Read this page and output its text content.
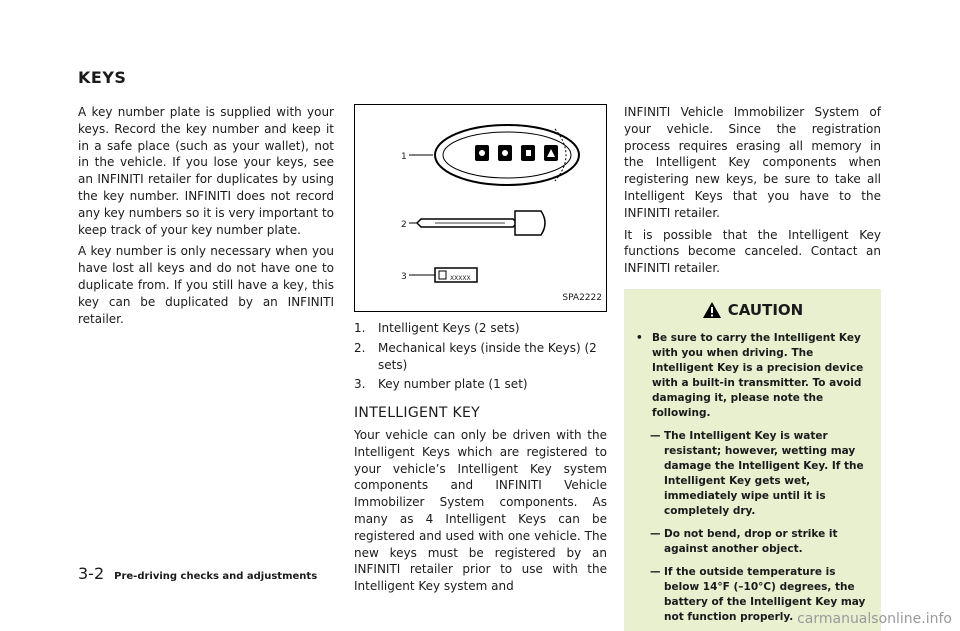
KEYS

A key number plate is supplied with your keys. Record the key number and keep it in a safe place (such as your wallet), not in the vehicle. If you lose your keys, see an INFINITI retailer for duplicates by using the key number. INFINITI does not record any key numbers so it is very important to keep track of your key number plate.

A key number is only necessary when you have lost all keys and do not have one to duplicate from. If you still have a key, this key can be duplicated by an INFINITI retailer.

1
2
3	XXXXX
SPA2222
1.	Intelligent Keys (2 sets)
2.	Mechanical keys (inside the Keys) (2 sets)
3.	Key number plate (1 set)
INTELLIGENT KEY

Your vehicle can only be driven with the Intelligent Keys which are registered to your vehicle’s Intelligent Key system components and INFINITI Vehicle Immobilizer System components. As many as 4 Intelligent Keys can be registered and used with one vehicle. The new keys must be registered by an INFINITI retailer prior to use with the Intelligent Key system and

INFINITI Vehicle Immobilizer System of your vehicle. Since the registration process requires erasing all memory in the Intelligent Key components when registering new keys, be sure to take all Intelligent Keys that you have to the INFINITI retailer.

It is possible that the Intelligent Key functions become canceled. Contact an INFINITI retailer.

CAUTION
• Be sure to carry the Intelligent Key with you when driving. The Intelligent Key is a precision device with a built-in transmitter. To avoid damaging it, please note the following.
— The Intelligent Key is water resistant; however, wetting may damage the Intelligent Key. If the Intelligent Key gets wet, immediately wipe until it is completely dry.
— Do not bend, drop or strike it against another object.
— If the outside temperature is below 14°F (–10°C) degrees, the battery of the Intelligent Key may not function properly.
3-2 Pre-driving checks and adjustments
carmanualsonline.info
